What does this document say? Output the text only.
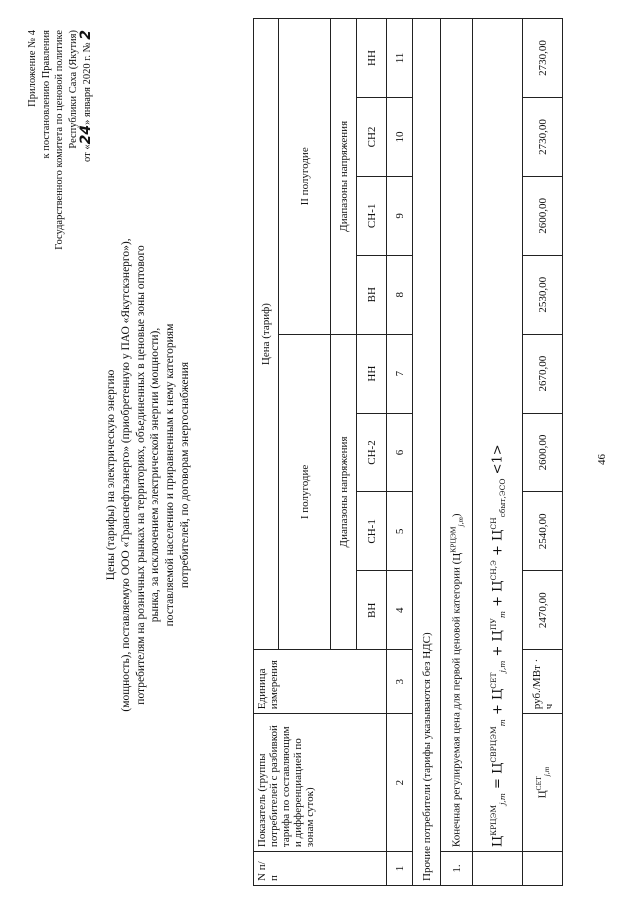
46
Приложение № 4 к постановлению Правления Государственного комитета по ценовой политике Республики Саха (Якутия)
от «24» января 2020 г. № 2
Цены (тарифы) на электрическую энергию (мощность), поставляемую ООО «Транснефтьэнерго» (приобретенную у ПАО «Якутскэнерго»), потребителям на розничных рынках на территориях, объединенных в ценовые зоны оптового рынка, за исключением электрической энергии (мощности), поставляемой населению и приравненным к нему категориям потребителей, по договорам энергоснабжения
N п/п	Показатель (группы потребителей с разбивкой тарифа по составляющим и дифференциацией по зонам суток)	Единица измерения	Цена (тариф)							
			I полугодие				II полугодие			
			Диапазоны напряжения				Диапазоны напряжения			
			ВН	СН-1	СН-2	НН	ВН	СН-1	СН2	НН
1	2	3	4	5	6	7	8	9	10	11
Прочие потребители (тарифы указываются без НДС)										
1.	Конечная регулируемая цена для первой ценовой категории $(Ц^{КРЦЭМ}_{j,m})$									
	$Ц^{КРЦЭМ}_{j,m} = Ц^{СВРЦЭМ}_m + Ц^{СЕТ}_{j,m} + Ц^{ПУ}_m + Ц^{СН,Э} + Ц^{СН}_{сбыт,ЭСО} <1>$									
	$Ц^{СЕТ}_{j,m}$	руб./МВт · ч	2470,00	2540,00	2600,00	2670,00	2530,00	2600,00	2730,00	2730,00
